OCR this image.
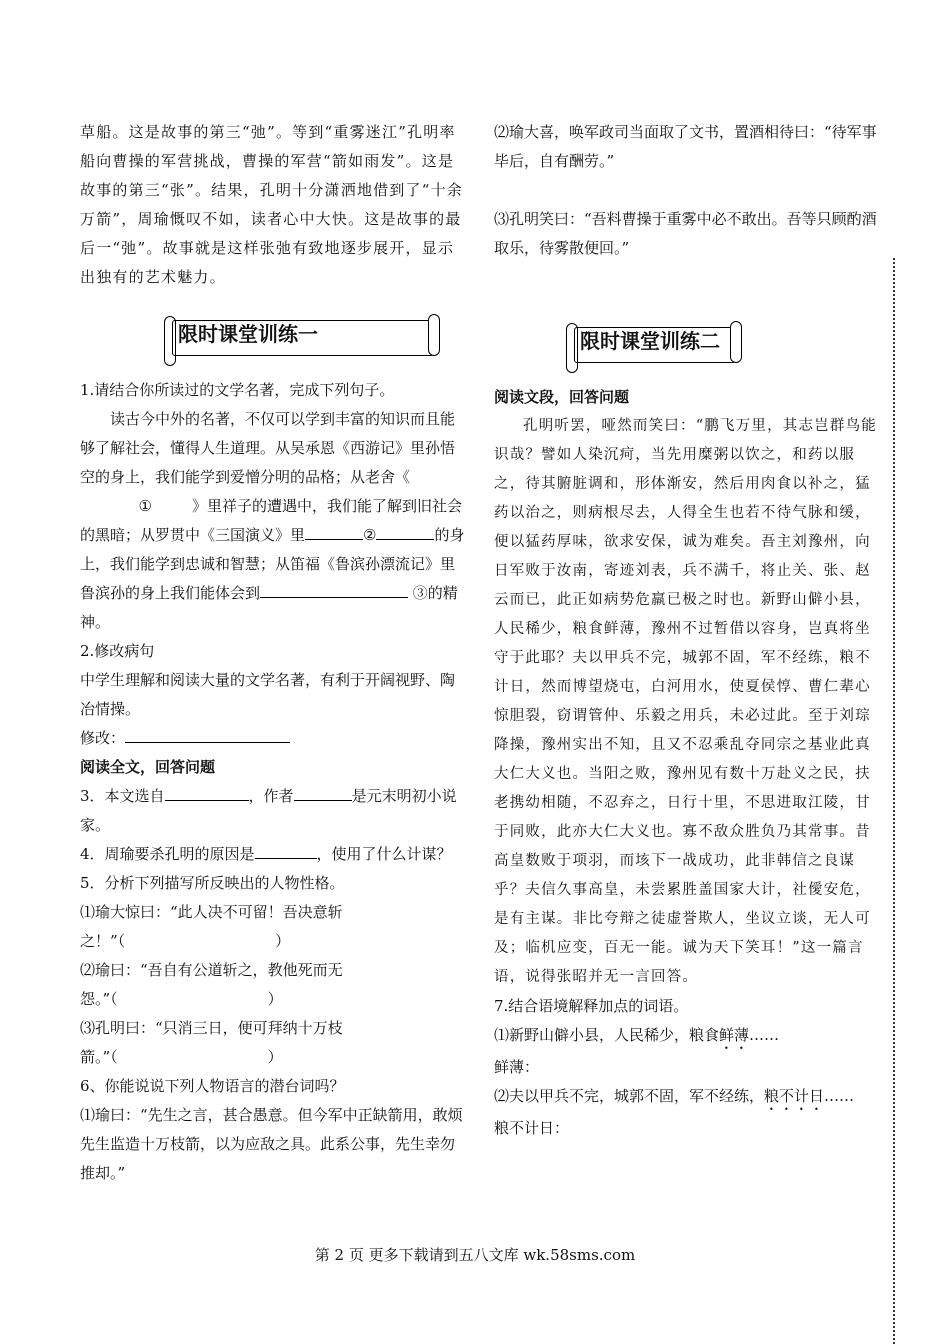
草船。这是故事的第三“弛”。等到“重雾迷江”孔明率船向曹操的军营挑战，曹操的军营“箭如雨发”。这是故事的第三“张”。结果，孔明十分潇洒地借到了“十余万箭”，周瑜慨叹不如，读者心中大快。这是故事的最后一“弛”。故事就是这样张弛有致地逐步展开，显示出独有的艺术魅力。

限时课堂训练一

1.请结合你所读过的文学名著，完成下列句子。

读古今中外的名著，不仅可以学到丰富的知识而且能够了解社会，懂得人生道理。从吴承恩《西游记》里孙悟空的身上，我们能学到爱憎分明的品格；从老舍《①	》里祥子的遭遇中，我们能了解到旧社会的黑暗；从罗贯中《三国演义》里	②	的身上，我们能学到忠诚和智慧；从笛福《鲁滨孙漂流记》里鲁滨孙的身上我们能体会到	③的精神。

2.修改病句

中学生理解和阅读大量的文学名著，有利于开阔视野、陶冶情操。

修改：

阅读全文，回答问题

3．本文选自	，作者	是元末明初小说家。

4．周瑜要杀孔明的原因是	，使用了什么计谋？

5．分析下列描写所反映出的人物性格。

⑴瑜大惊曰：“此人决不可留！吾决意斩之！”（　　　　　　　　　　）

⑵瑜曰：“吾自有公道斩之，教他死而无怨。”（　　　　　　　　　　）

⑶孔明曰：“只消三日，便可拜纳十万枝箭。”（　　　　　　　　　　）

6、你能说说下列人物语言的潜台词吗？

⑴瑜曰：“先生之言，甚合愚意。但今军中正缺箭用，敢烦先生监造十万枝箭，以为应敌之具。此系公事，先生幸勿推却。”

⑵瑜大喜，唤军政司当面取了文书，置酒相待曰：“待军事毕后，自有酬劳。”

⑶孔明笑曰：“吾料曹操于重雾中必不敢出。吾等只顾酌酒取乐，待雾散便回。”

限时课堂训练二

阅读文段，回答问题

孔明听罢，哑然而笑曰：“鹏飞万里，其志岂群鸟能识哉？譬如人染沉疴，当先用糜粥以饮之，和药以服之，待其腑脏调和，形体渐安，然后用肉食以补之，猛药以治之，则病根尽去，人得全生也若不待气脉和缓，便以猛药厚味，欲求安保，诚为难矣。吾主刘豫州，向日军败于汝南，寄迹刘表，兵不满千，将止关、张、赵云而已，此正如病势危羸已极之时也。新野山僻小县，人民稀少，粮食鲜薄，豫州不过暂借以容身，岂真将坐守于此耶？夫以甲兵不完，城郭不固，军不经练，粮不计日，然而博望烧屯，白河用水，使夏侯惇、曹仁辈心惊胆裂，窃谓管仲、乐毅之用兵，未必过此。至于刘琮降操，豫州实出不知，且又不忍乘乱夺同宗之基业此真大仁大义也。当阳之败，豫州见有数十万赴义之民，扶老携幼相随，不忍弃之，日行十里，不思进取江陵，甘于同败，此亦大仁大义也。寡不敌众胜负乃其常事。昔高皇数败于项羽，而垓下一战成功，此非韩信之良谋乎？夫信久事高皇，未尝累胜盖国家大计，社僾安危，是有主谋。非比夸辩之徒虚誉欺人，坐议立谈，无人可及；临机应变，百无一能。诚为天下笑耳！”这一篇言语，说得张昭并无一言回答。

7.结合语境解释加点的词语。

⑴新野山僻小县，人民稀少，粮食鲜薄……

鲜薄：

⑵夫以甲兵不完，城郭不固，军不经练，粮不计日……

粮不计日：

第 2 页 更多下载请到五八文库 wk.58sms.com
